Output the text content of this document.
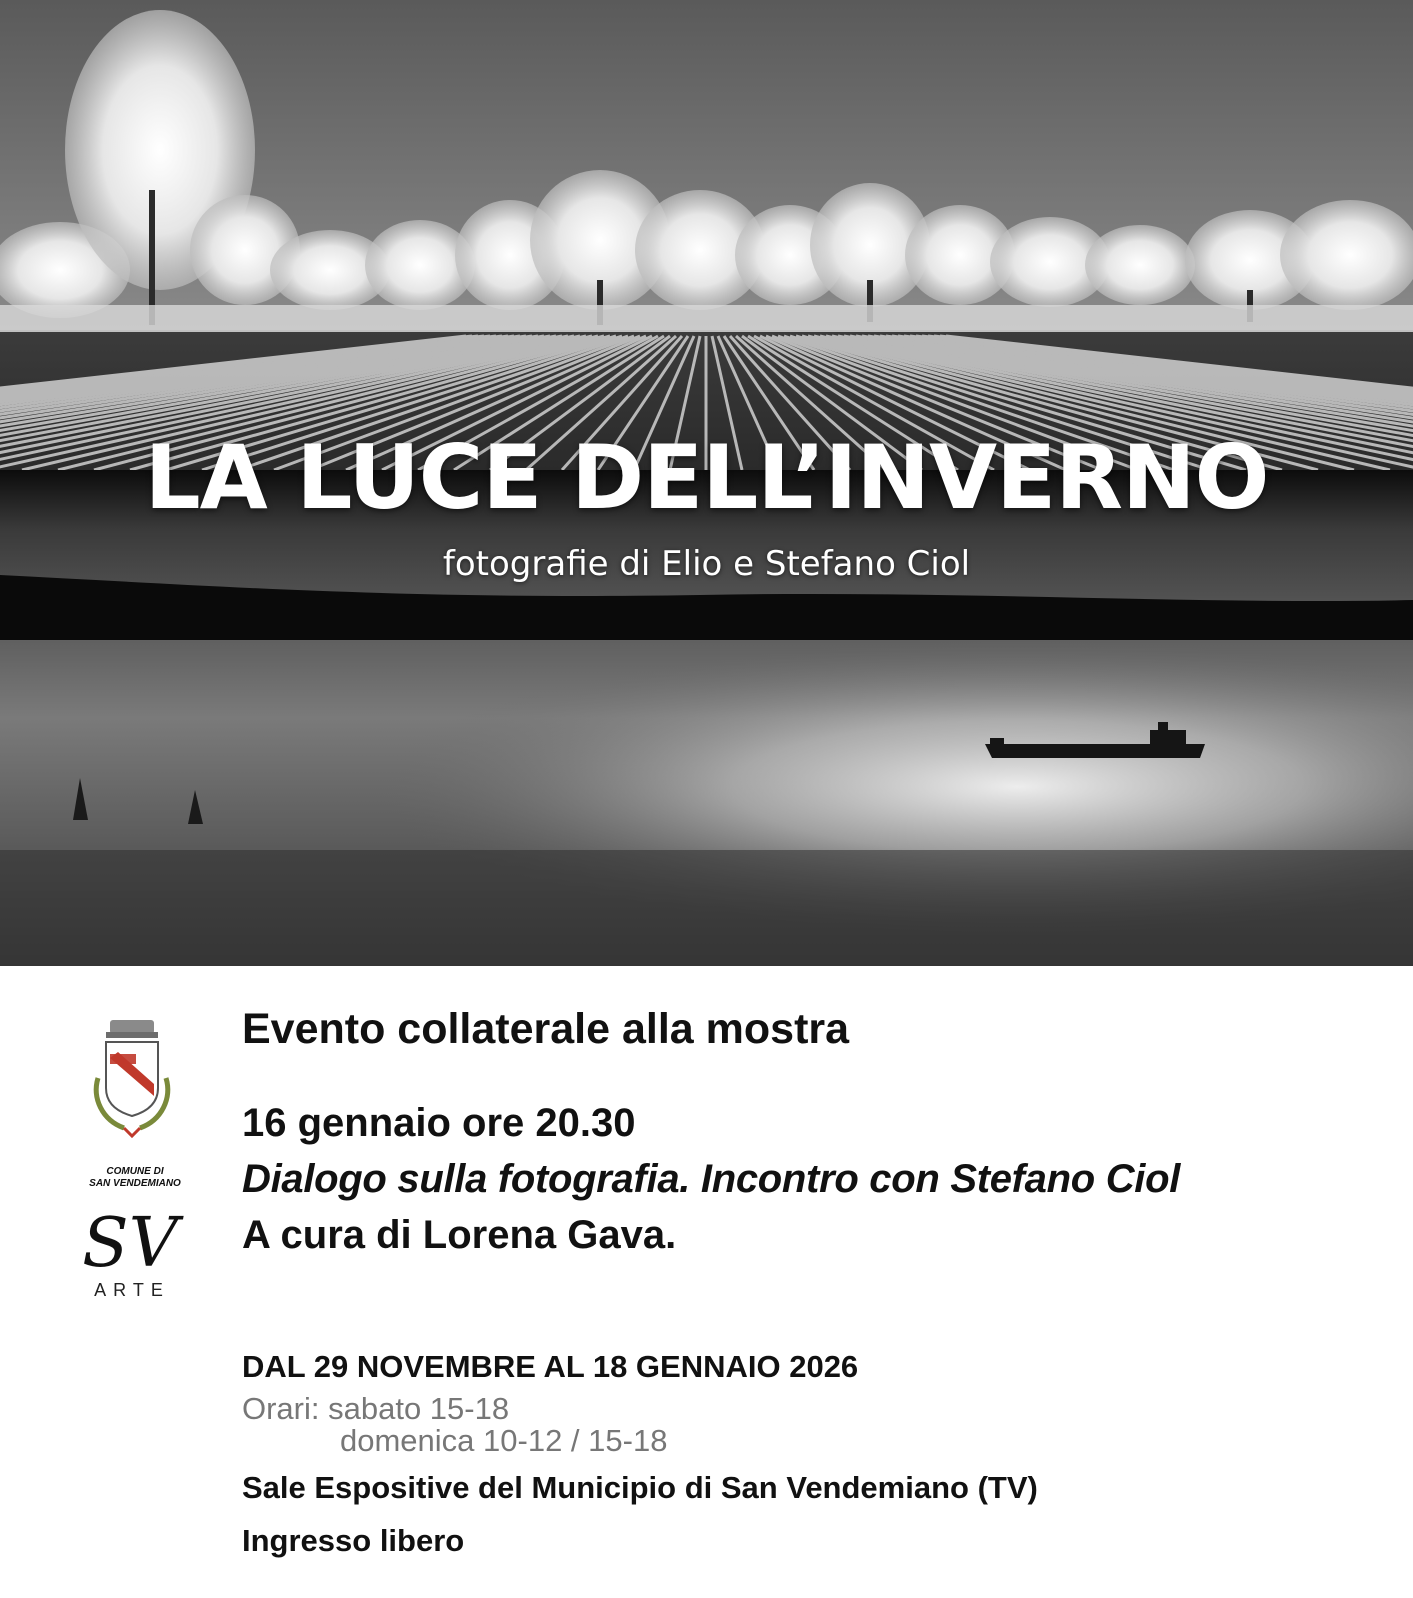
LA LUCE DELL’INVERNO
fotografie di Elio e Stefano Ciol
COMUNE DI
SAN VENDEMIANO
SV
ARTE
Evento collaterale alla mostra
16 gennaio ore 20.30
Dialogo sulla fotografia. Incontro con Stefano Ciol
A cura di Lorena Gava.
DAL 29 NOVEMBRE AL 18 GENNAIO 2026
Orari: sabato 15-18
domenica 10-12 / 15-18
Sale Espositive del Municipio di San Vendemiano (TV)
Ingresso libero
